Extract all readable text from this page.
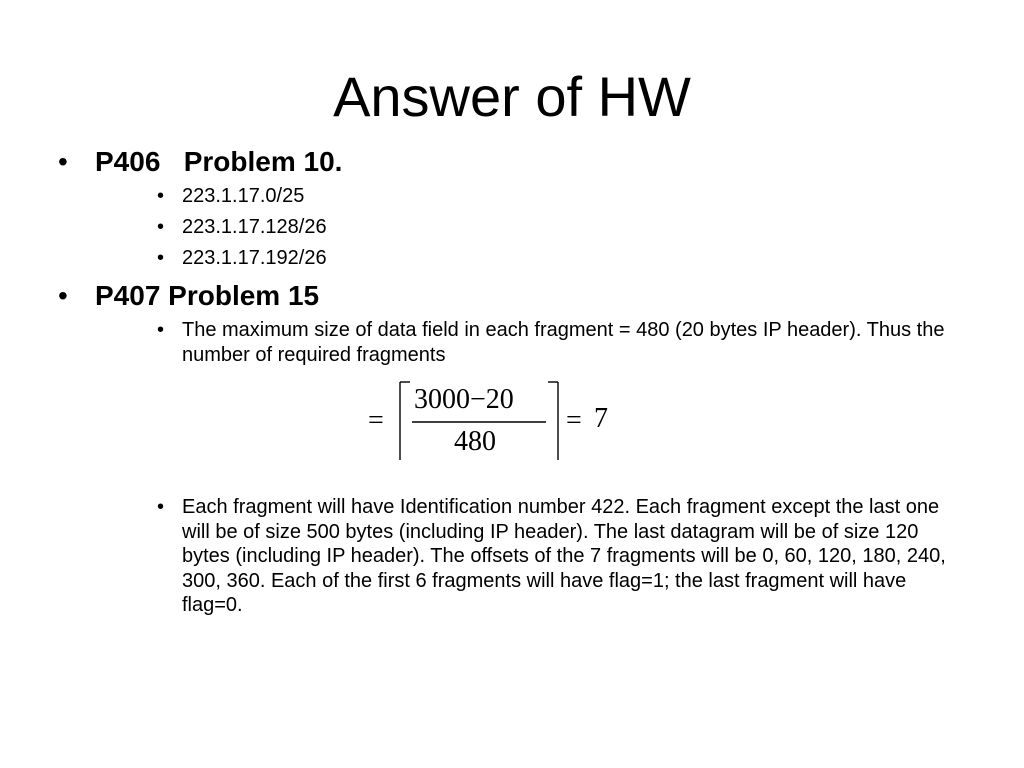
Answer of HW
• P406   Problem 10.
• 223.1.17.0/25
• 223.1.17.128/26
• 223.1.17.192/26
• P407 Problem 15
• The maximum size of data field in each fragment = 480 (20 bytes IP header). Thus the number of required fragments
=
3000−20
480
= 7
• Each fragment will have Identification number 422. Each fragment except the last one will be of size 500 bytes (including IP header). The last datagram will be of size 120 bytes (including IP header). The offsets of the 7 fragments will be 0, 60, 120, 180, 240, 300, 360. Each of the first 6 fragments will have flag=1; the last fragment will have flag=0.
